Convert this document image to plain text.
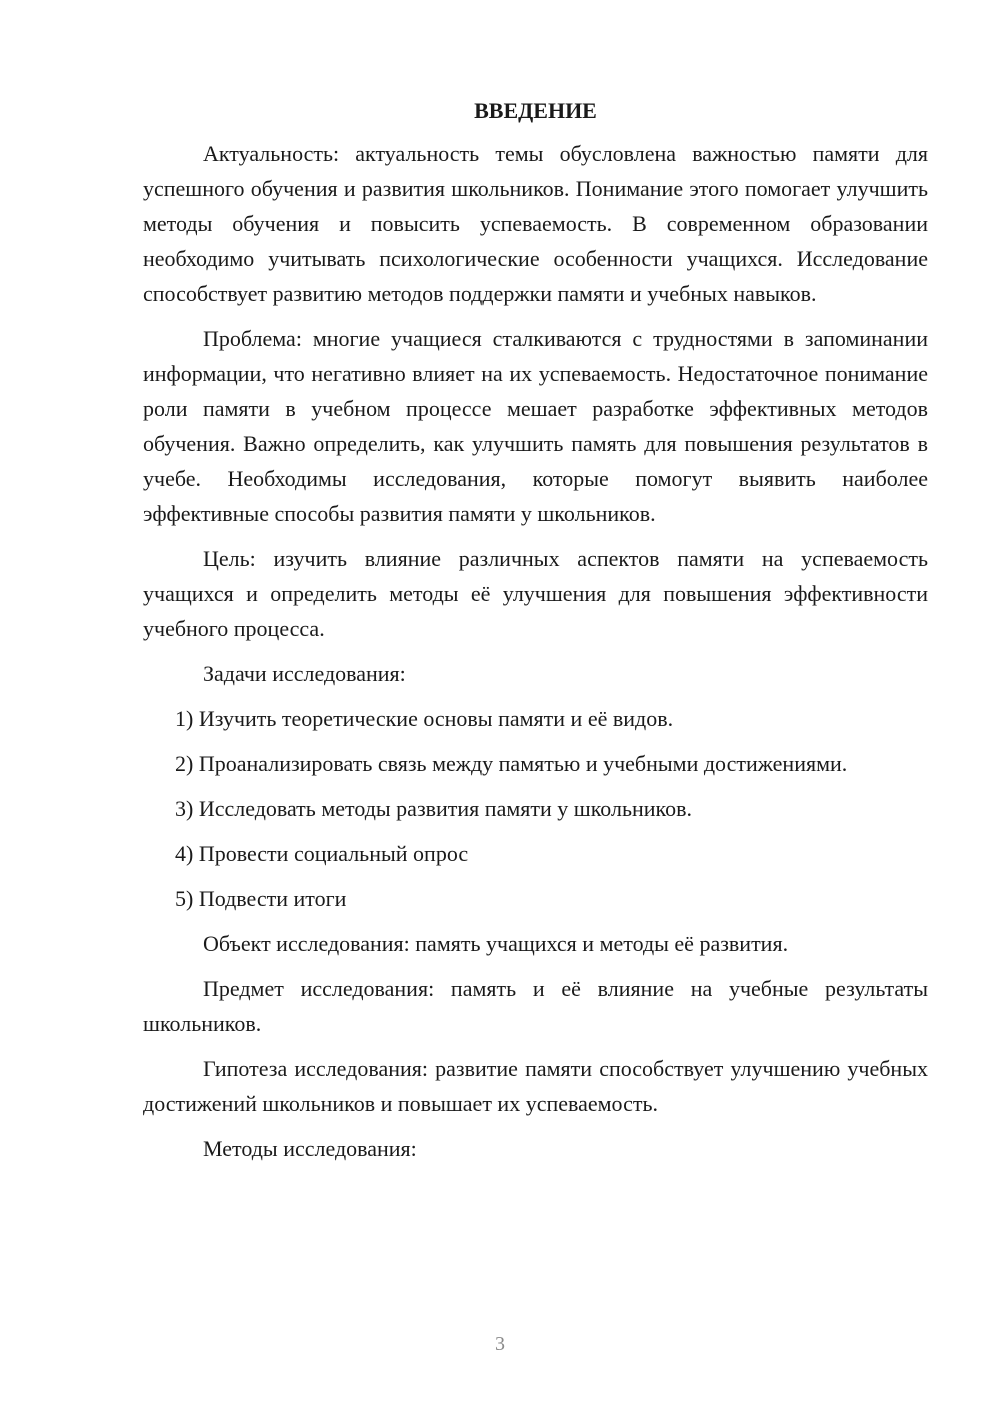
ВВЕДЕНИЕ

Актуальность: актуальность темы обусловлена важностью памяти для успешного обучения и развития школьников. Понимание этого помогает улучшить методы обучения и повысить успеваемость. В современном образовании необходимо учитывать психологические особенности учащихся. Исследование способствует развитию методов поддержки памяти и учебных навыков.

Проблема: многие учащиеся сталкиваются с трудностями в запоминании информации, что негативно влияет на их успеваемость. Недостаточное понимание роли памяти в учебном процессе мешает разработке эффективных методов обучения. Важно определить, как улучшить память для повышения результатов в учебе. Необходимы исследования, которые помогут выявить наиболее эффективные способы развития памяти у школьников.

Цель: изучить влияние различных аспектов памяти на успеваемость учащихся и определить методы её улучшения для повышения эффективности учебного процесса.

Задачи исследования:

1) Изучить теоретические основы памяти и её видов.

2) Проанализировать связь между памятью и учебными достижениями.

3) Исследовать методы развития памяти у школьников.

4) Провести социальный опрос

5) Подвести итоги

Объект исследования: память учащихся и методы её развития.

Предмет исследования: память и её влияние на учебные результаты школьников.

Гипотеза исследования: развитие памяти способствует улучшению учебных достижений школьников и повышает их успеваемость.

Методы исследования:

3
